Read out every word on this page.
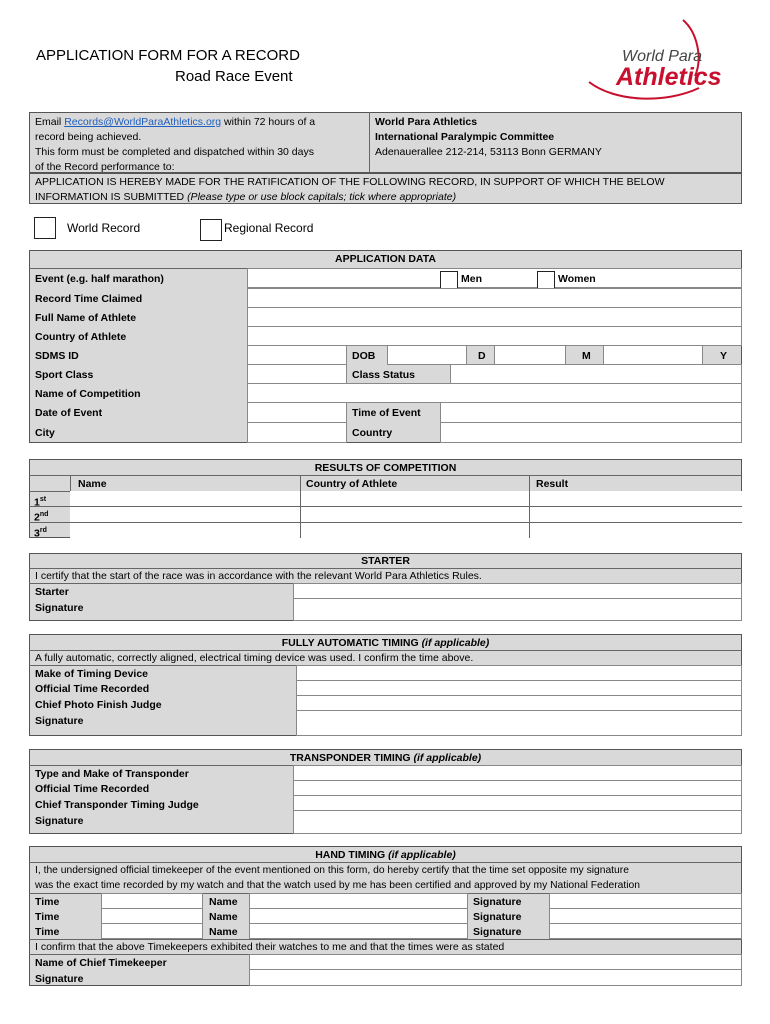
APPLICATION FORM FOR A RECORD
Road Race Event
World Para
Athletics
Email Records@WorldParaAthletics.org within 72 hours of a
record being achieved.
This form must be completed and dispatched within 30 days
of the Record performance to:
World Para Athletics
International Paralympic Committee
Adenauerallee 212-214, 53113 Bonn GERMANY
APPLICATION IS HEREBY MADE FOR THE RATIFICATION OF THE FOLLOWING RECORD, IN SUPPORT OF WHICH THE BELOW
INFORMATION IS SUBMITTED (Please type or use block capitals; tick where appropriate)
World Record	Regional Record
APPLICATION DATA
Event (e.g. half marathon)	Men	Women
Record Time Claimed
Full Name of Athlete
Country of Athlete
SDMS ID	DOB	D	M	Y
Sport Class	Class Status
Name of Competition
Date of Event	Time of Event
City	Country
RESULTS OF COMPETITION
Name	Country of Athlete	Result
1st
2nd
3rd
STARTER
I certify that the start of the race was in accordance with the relevant World Para Athletics Rules.
Starter
Signature
FULLY AUTOMATIC TIMING (if applicable)
A fully automatic, correctly aligned, electrical timing device was used. I confirm the time above.
Make of Timing Device
Official Time Recorded
Chief Photo Finish Judge
Signature
TRANSPONDER TIMING (if applicable)
Type and Make of Transponder
Official Time Recorded
Chief Transponder Timing Judge
Signature
HAND TIMING (if applicable)
I, the undersigned official timekeeper of the event mentioned on this form, do hereby certify that the time set opposite my signature
was the exact time recorded by my watch and that the watch used by me has been certified and approved by my National Federation
Time	Name	Signature
Time	Name	Signature
Time	Name	Signature
I confirm that the above Timekeepers exhibited their watches to me and that the times were as stated
Name of Chief Timekeeper
Signature
